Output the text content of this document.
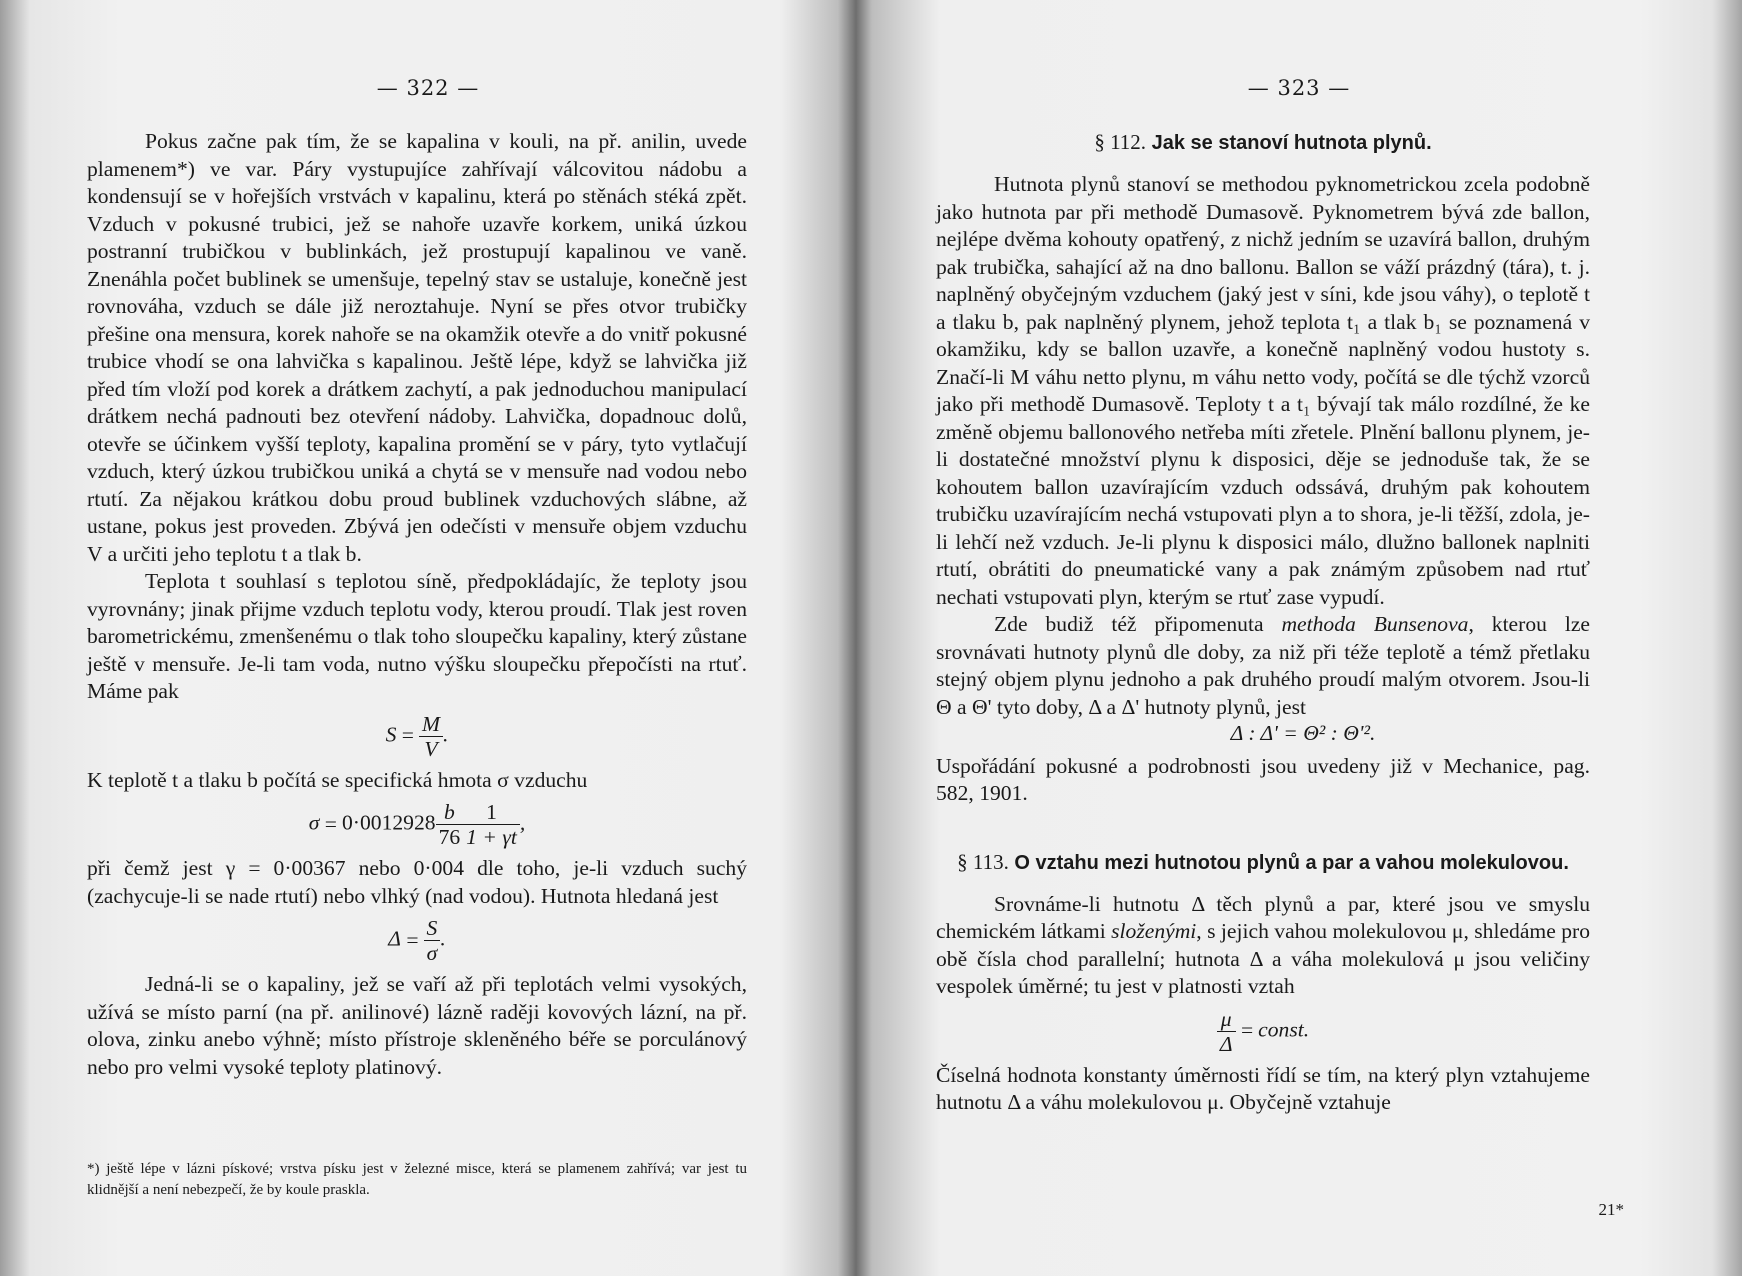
— 322 —

Pokus začne pak tím, že se kapalina v kouli, na př. anilin, uvede plamenem*) ve var. Páry vystupujíce zahřívají válcovitou nádobu a kondensují se v hořejších vrstvách v kapalinu, která po stěnách stéká zpět. Vzduch v pokusné trubici, jež se nahoře uzavře korkem, uniká úzkou postranní trubičkou v bublinkách, jež prostupují kapalinou ve vaně. Znenáhla počet bublinek se umenšuje, tepelný stav se ustaluje, konečně jest rovnováha, vzduch se dále již neroztahuje. Nyní se přes otvor trubičky přešine ona mensura, korek nahoře se na okamžik otevře a do vnitř pokusné trubice vhodí se ona lahvička s kapalinou. Ještě lépe, když se lahvička již před tím vloží pod korek a drátkem zachytí, a pak jednoduchou manipulací drátkem nechá padnouti bez otevření nádoby. Lahvička, dopadnouc dolů, otevře se účinkem vyšší teploty, kapalina promění se v páry, tyto vytlačují vzduch, který úzkou trubičkou uniká a chytá se v mensuře nad vodou nebo rtutí. Za nějakou krátkou dobu proud bublinek vzduchových slábne, až ustane, pokus jest proveden. Zbývá jen odečísti v mensuře objem vzduchu V a určiti jeho teplotu t a tlak b.

Teplota t souhlasí s teplotou síně, předpokládajíc, že teploty jsou vyrovnány; jinak přijme vzduch teplotu vody, kterou proudí. Tlak jest roven barometrickému, zmenšenému o tlak toho sloupečku kapaliny, který zůstane ještě v mensuře. Je-li tam voda, nutno výšku sloupečku přepočísti na rtuť. Máme pak

$S = \frac{M}{V}$ .

K teplotě t a tlaku b počítá se specifická hmota σ vzduchu

$\sigma = 0\cdot 0012928 \frac{b}{76} \frac{1}{1 + \gamma t}$ ,

při čemž jest γ = 0·00367 nebo 0·004 dle toho, je-li vzduch suchý (zachycuje-li se nade rtutí) nebo vlhký (nad vodou). Hutnota hledaná jest

$\Delta = \frac{S}{\sigma}$ .

Jedná-li se o kapaliny, jež se vaří až při teplotách velmi vysokých, užívá se místo parní (na př. anilinové) lázně raději kovových lázní, na př. olova, zinku anebo výhně; místo přístroje skleněného béře se porculánový nebo pro velmi vysoké teploty platinový.

*) ještě lépe v lázni pískové; vrstva písku jest v železné misce, která se plamenem zahřívá; var jest tu klidnější a není nebezpečí, že by koule praskla.
— 323 —

§ 112. Jak se stanoví hutnota plynů.

Hutnota plynů stanoví se methodou pyknometrickou zcela podobně jako hutnota par při methodě Dumasově. Pyknometrem bývá zde ballon, nejlépe dvěma kohouty opatřený, z nichž jedním se uzavírá ballon, druhým pak trubička, sahající až na dno ballonu. Ballon se váží prázdný (tára), t. j. naplněný obyčejným vzduchem (jaký jest v síni, kde jsou váhy), o teplotě t a tlaku b, pak naplněný plynem, jehož teplota t₁ a tlak b₁ se poznamená v okamžiku, kdy se ballon uzavře, a konečně naplněný vodou hustoty s. Značí-li M váhu netto plynu, m váhu netto vody, počítá se dle týchž vzorců jako při methodě Dumasově. Teploty t a t₁ bývají tak málo rozdílné, že ke změně objemu ballonového netřeba míti zřetele. Plnění ballonu plynem, je-li dostatečné množství plynu k disposici, děje se jednoduše tak, že se kohoutem ballon uzavírajícím vzduch odssává, druhým pak kohoutem trubičku uzavírajícím nechá vstupovati plyn a to shora, je-li těžší, zdola, je-li lehčí než vzduch. Je-li plynu k disposici málo, dlužno ballonek naplniti rtutí, obrátiti do pneumatické vany a pak známým způsobem nad rtuť nechati vstupovati plyn, kterým se rtuť zase vypudí.

Zde budiž též připomenuta methoda Bunsenova, kterou lze srovnávati hutnoty plynů dle doby, za niž při téže teplotě a témž přetlaku stejný objem plynu jednoho a pak druhého proudí malým otvorem. Jsou-li Θ a Θ' tyto doby, Δ a Δ' hutnoty plynů, jest

Δ : Δ' = Θ² : Θ'².

Uspořádání pokusné a podrobnosti jsou uvedeny již v Mechanice, pag. 582, 1901.

§ 113. O vztahu mezi hutnotou plynů a par a vahou molekulovou.

Srovnáme-li hutnotu Δ těch plynů a par, které jsou ve smyslu chemickém látkami složenými, s jejich vahou molekulovou μ, shledáme pro obě čísla chod parallelní; hutnota Δ a váha molekulová μ jsou veličiny vespolek úměrné; tu jest v platnosti vztah

$\frac{\mu}{\Delta}$ = const.

Číselná hodnota konstanty úměrnosti řídí se tím, na který plyn vztahujeme hutnotu Δ a váhu molekulovou μ. Obyčejně vztahuje

21*
